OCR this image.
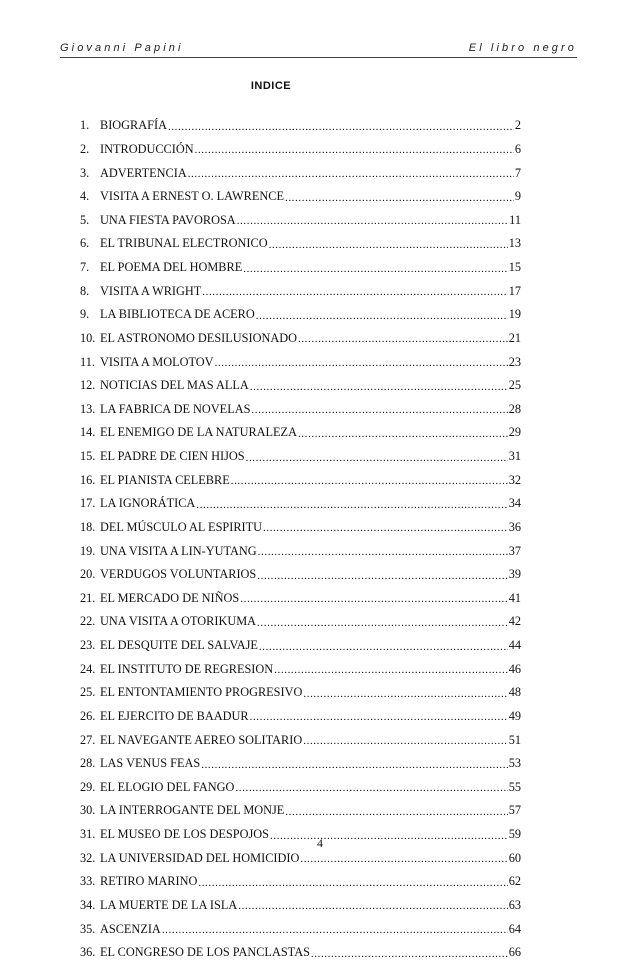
Giovanni Papini	El libro negro
INDICE
1. BIOGRAFÍA .....	2
2. INTRODUCCIÓN .....	6
3. ADVERTENCIA .....	7
4. VISITA A ERNEST O. LAWRENCE .....	9
5. UNA FIESTA PAVOROSA .....	11
6. EL TRIBUNAL ELECTRONICO .....	13
7. EL POEMA DEL HOMBRE .....	15
8. VISITA A WRIGHT .....	17
9. LA BIBLIOTECA DE ACERO .....	19
10. EL ASTRONOMO DESILUSIONADO .....	21
11. VISITA A MOLOTOV .....	23
12. NOTICIAS DEL MAS ALLA .....	25
13. LA FABRICA DE NOVELAS .....	28
14. EL ENEMIGO DE LA NATURALEZA .....	29
15. EL PADRE DE CIEN HIJOS .....	31
16. EL PIANISTA CELEBRE .....	32
17. LA IGNORÁTICA .....	34
18. DEL MÚSCULO AL ESPIRITU .....	36
19. UNA VISITA A LIN-YUTANG .....	37
20. VERDUGOS VOLUNTARIOS .....	39
21. EL MERCADO DE NIÑOS .....	41
22. UNA VISITA A OTORIKUMA .....	42
23. EL DESQUITE DEL SALVAJE .....	44
24. EL INSTITUTO DE REGRESION .....	46
25. EL ENTONTAMIENTO PROGRESIVO .....	48
26. EL EJERCITO DE BAADUR .....	49
27. EL NAVEGANTE AEREO SOLITARIO .....	51
28. LAS VENUS FEAS .....	53
29. EL ELOGIO DEL FANGO .....	55
30. LA INTERROGANTE DEL MONJE .....	57
31. EL MUSEO DE LOS DESPOJOS .....	59
32. LA UNIVERSIDAD DEL HOMICIDIO .....	60
33. RETIRO MARINO .....	62
34. LA MUERTE DE LA ISLA .....	63
35. ASCENZIA .....	64
36. EL CONGRESO DE LOS PANCLASTAS .....	66
4
